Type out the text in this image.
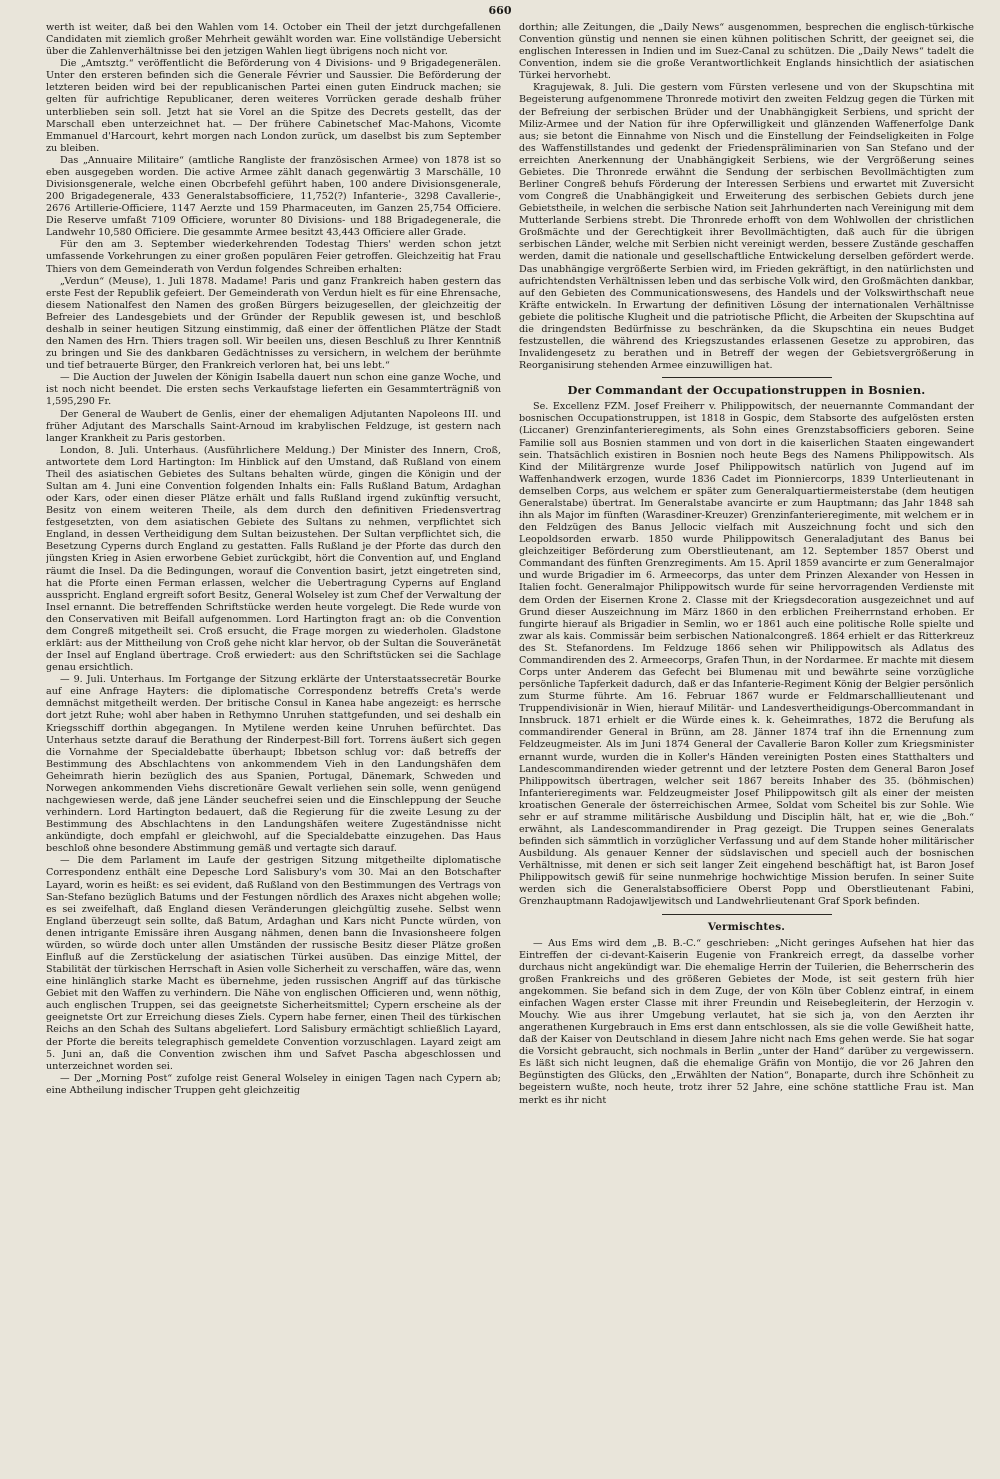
660

werth ist weiter, daß bei den Wahlen vom 14. October ein Theil der jetzt durchgefallenen Candidaten mit ziemlich großer Mehrheit gewählt worden war. Eine vollständige Uebersicht über die Zahlenverhältnisse bei den jetzigen Wahlen liegt übrigens noch nicht vor.

Die „Amtsztg.“ veröffentlicht die Beförderung von 4 Divisions- und 9 Brigadegenerälen. Unter den ersteren befinden sich die Generale Février und Saussier. Die Beförderung der letzteren beiden wird bei der republicanischen Partei einen guten Eindruck machen; sie gelten für aufrichtige Republicaner, deren weiteres Vorrücken gerade deshalb früher unterblieben sein soll. Jetzt hat sie Vorel an die Spitze des Decrets gestellt, das der Marschall eben unterzeichnet hat. — Der frühere Cabinetschef Mac-Mahons, Vicomte Emmanuel d'Harcourt, kehrt morgen nach London zurück, um daselbst bis zum September zu bleiben.

Das „Annuaire Militaire“ (amtliche Rangliste der französischen Armee) von 1878 ist so eben ausgegeben worden. Die active Armee zählt danach gegenwärtig 3 Marschälle, 10 Divisionsgenerale, welche einen Obcrbefehl geführt haben, 100 andere Divisionsgenerale, 200 Brigadegenerale, 433 Generalstabsofficiere, 11,752(?) Infanterie-, 3298 Cavallerie-, 2676 Artillerie-Officiere, 1147 Aerzte und 159 Pharmaceuten, im Ganzen 25,754 Officiere. Die Reserve umfaßt 7109 Officiere, worunter 80 Divisions- und 188 Brigadegenerale, die Landwehr 10,580 Officiere. Die gesammte Armee besitzt 43,443 Officiere aller Grade.

Für den am 3. September wiederkehrenden Todestag Thiers' werden schon jetzt umfassende Vorkehrungen zu einer großen populären Feier getroffen. Gleichzeitig hat Frau Thiers von dem Gemeinderath von Verdun folgendes Schreiben erhalten:

„Verdun“ (Meuse), 1. Juli 1878. Madame! Paris und ganz Frankreich haben gestern das erste Fest der Republik gefeiert. Der Gemeinderath von Verdun hielt es für eine Ehrensache, diesem Nationalfest den Namen des großen Bürgers beizugesellen, der gleichzeitig der Befreier des Landesgebiets und der Gründer der Republik gewesen ist, und beschloß deshalb in seiner heutigen Sitzung einstimmig, daß einer der öffentlichen Plätze der Stadt den Namen des Hrn. Thiers tragen soll. Wir beeilen uns, diesen Beschluß zu Ihrer Kenntniß zu bringen und Sie des dankbaren Gedächtnisses zu versichern, in welchem der berühmte und tief betrauerte Bürger, den Frankreich verloren hat, bei uns lebt.“

— Die Auction der Juwelen der Königin Isabella dauert nun schon eine ganze Woche, und ist noch nicht beendet. Die ersten sechs Verkaufstage lieferten ein Gesammterträgniß von 1,595,290 Fr.

Der General de Waubert de Genlis, einer der ehemaligen Adjutanten Napoleons III. und früher Adjutant des Marschalls Saint-Arnoud im krabylischen Feldzuge, ist gestern nach langer Krankheit zu Paris gestorben.

London, 8. Juli. Unterhaus. (Ausführlichere Meldung.) Der Minister des Innern, Croß, antwortete dem Lord Hartington: Im Hinblick auf den Umstand, daß Rußland von einem Theil des asiatischen Gebietes des Sultans behalten würde, gingen die Königin und der Sultan am 4. Juni eine Convention folgenden Inhalts ein: Falls Rußland Batum, Ardaghan oder Kars, oder einen dieser Plätze erhält und falls Rußland irgend zukünftig versucht, Besitz von einem weiteren Theile, als dem durch den definitiven Friedensvertrag festgesetzten, von dem asiatischen Gebiete des Sultans zu nehmen, verpflichtet sich England, in dessen Vertheidigung dem Sultan beizustehen. Der Sultan verpflichtet sich, die Besetzung Cyperns durch England zu gestatten. Falls Rußland je der Pforte das durch den jüngsten Krieg in Asien erworbene Gebiet zurückgibt, hört die Convention auf, und England räumt die Insel. Da die Bedingungen, worauf die Convention basirt, jetzt eingetreten sind, hat die Pforte einen Ferman erlassen, welcher die Uebertragung Cyperns auf England ausspricht. England ergreift sofort Besitz, General Wolseley ist zum Chef der Verwaltung der Insel ernannt. Die betreffenden Schriftstücke werden heute vorgelegt. Die Rede wurde von den Conservativen mit Beifall aufgenommen. Lord Hartington fragt an: ob die Convention dem Congreß mitgetheilt sei. Croß ersucht, die Frage morgen zu wiederholen. Gladstone erklärt: aus der Mittheilung von Croß gehe nicht klar hervor, ob der Sultan die Souveränetät der Insel auf England übertrage. Croß erwiedert: aus den Schriftstücken sei die Sachlage genau ersichtlich.

— 9. Juli. Unterhaus. Im Fortgange der Sitzung erklärte der Unterstaatssecretär Bourke auf eine Anfrage Hayters: die diplomatische Correspondenz betreffs Creta's werde demnächst mitgetheilt werden. Der britische Consul in Kanea habe angezeigt: es herrsche dort jetzt Ruhe; wohl aber haben in Rethymno Unruhen stattgefunden, und sei deshalb ein Kriegsschiff dorthin abgegangen. In Mytilene werden keine Unruhen befürchtet. Das Unterhaus setzte darauf die Berathung der Rinderpest-Bill fort. Torrens äußert sich gegen die Vornahme der Specialdebatte überhaupt; Ibbetson schlug vor: daß betreffs der Bestimmung des Abschlachtens von ankommendem Vieh in den Landungshäfen dem Geheimrath hierin bezüglich des aus Spanien, Portugal, Dänemark, Schweden und Norwegen ankommenden Viehs discretionäre Gewalt verliehen sein solle, wenn genügend nachgewiesen werde, daß jene Länder seuchefrei seien und die Einschleppung der Seuche verhindern. Lord Hartington bedauert, daß die Regierung für die zweite Lesung zu der Bestimmung des Abschlachtens in den Landungshäfen weitere Zugeständnisse nicht ankündigte, doch empfahl er gleichwohl, auf die Specialdebatte einzugehen. Das Haus beschloß ohne besondere Abstimmung gemäß und vertagte sich darauf.

— Die dem Parlament im Laufe der gestrigen Sitzung mitgetheilte diplomatische Correspondenz enthält eine Depesche Lord Salisbury's vom 30. Mai an den Botschafter Layard, worin es heißt: es sei evident, daß Rußland von den Bestimmungen des Vertrags von San-Stefano bezüglich Batums und der Festungen nördlich des Araxes nicht abgehen wolle; es sei zweifelhaft, daß England diesen Veränderungen gleichgültig zusehe. Selbst wenn England überzeugt sein sollte, daß Batum, Ardaghan und Kars nicht Puncte würden, von denen intrigante Emissäre ihren Ausgang nähmen, denen bann die Invasionsheere folgen würden, so würde doch unter allen Umständen der russische Besitz dieser Plätze großen Einfluß auf die Zerstückelung der asiatischen Türkei ausüben. Das einzige Mittel, der Stabilität der türkischen Herrschaft in Asien volle Sicherheit zu verschaffen, wäre das, wenn eine hinlänglich starke Macht es übernehme, jeden russischen Angriff auf das türkische Gebiet mit den Waffen zu verhindern. Die Nähe von englischen Officieren und, wenn nöthig, auch englischen Truppen, sei das geeignetste Sicherheitsmittel; Cypern erscheine als der geeignetste Ort zur Erreichung dieses Ziels. Cypern habe ferner, einen Theil des türkischen Reichs an den Schah des Sultans abgeliefert. Lord Salisbury ermächtigt schließlich Layard, der Pforte die bereits telegraphisch gemeldete Convention vorzuschlagen. Layard zeigt am 5. Juni an, daß die Convention zwischen ihm und Safvet Pascha abgeschlossen und unterzeichnet worden sei.

— Der „Morning Post“ zufolge reist General Wolseley in einigen Tagen nach Cypern ab; eine Abtheilung indischer Truppen geht gleichzeitig

dorthin; alle Zeitungen, die „Daily News“ ausgenommen, besprechen die englisch-türkische Convention günstig und nennen sie einen kühnen politischen Schritt, der geeignet sei, die englischen Interessen in Indien und im Suez-Canal zu schützen. Die „Daily News“ tadelt die Convention, indem sie die große Verantwortlichkeit Englands hinsichtlich der asiatischen Türkei hervorhebt.

Kragujewak, 8. Juli. Die gestern vom Fürsten verlesene und von der Skupschtina mit Begeisterung aufgenommene Thronrede motivirt den zweiten Feldzug gegen die Türken mit der Befreiung der serbischen Brüder und der Unabhängigkeit Serbiens, und spricht der Miliz-Armee und der Nation für ihre Opferwilligkeit und glänzenden Waffenerfolge Dank aus; sie betont die Einnahme von Nisch und die Einstellung der Feindseligkeiten in Folge des Waffenstillstandes und gedenkt der Friedenspräliminarien von San Stefano und der erreichten Anerkennung der Unabhängigkeit Serbiens, wie der Vergrößerung seines Gebietes. Die Thronrede erwähnt die Sendung der serbischen Bevollmächtigten zum Berliner Congreß behufs Förderung der Interessen Serbiens und erwartet mit Zuversicht vom Congreß die Unabhängigkeit und Erweiterung des serbischen Gebiets durch jene Gebietstheile, in welchen die serbische Nation seit Jahrhunderten nach Vereinigung mit dem Mutterlande Serbiens strebt. Die Thronrede erhofft von dem Wohlwollen der christlichen Großmächte und der Gerechtigkeit ihrer Bevollmächtigten, daß auch für die übrigen serbischen Länder, welche mit Serbien nicht vereinigt werden, bessere Zustände geschaffen werden, damit die nationale und gesellschaftliche Entwickelung derselben gefördert werde. Das unabhängige vergrößerte Serbien wird, im Frieden gekräftigt, in den natürlichsten und aufrichtendsten Verhältnissen leben und das serbische Volk wird, den Großmächten dankbar, auf den Gebieten des Communicationswesens, des Handels und der Volkswirthschaft neue Kräfte entwickeln. In Erwartung der definitiven Lösung der internationalen Verhältnisse gebiete die politische Klugheit und die patriotische Pflicht, die Arbeiten der Skupschtina auf die dringendsten Bedürfnisse zu beschränken, da die Skupschtina ein neues Budget festzustellen, die während des Kriegszustandes erlassenen Gesetze zu approbiren, das Invalidengesetz zu berathen und in Betreff der wegen der Gebietsvergrößerung in Reorganisirung stehenden Armee einzuwilligen hat.

Der Commandant der Occupationstruppen in Bosnien.

Se. Excellenz FZM. Josef Freiherr v. Philippowitsch, der neuernannte Commandant der bosnischen Occupationstruppen, ist 1818 in Gospic, dem Stabsorte des aufgelösten ersten (Liccaner) Grenzinfanterieregiments, als Sohn eines Grenzstabsofficiers geboren. Seine Familie soll aus Bosnien stammen und von dort in die kaiserlichen Staaten eingewandert sein. Thatsächlich existiren in Bosnien noch heute Begs des Namens Philippowitsch. Als Kind der Militärgrenze wurde Josef Philippowitsch natürlich von Jugend auf im Waffenhandwerk erzogen, wurde 1836 Cadet im Pionniercorps, 1839 Unterlieutenant in demselben Corps, aus welchem er später zum Generalquartiermeisterstabe (dem heutigen Generalstabe) übertrat. Im Generalstabe avancirte er zum Hauptmann; das Jahr 1848 sah ihn als Major im fünften (Warasdiner-Kreuzer) Grenzinfanterieregimente, mit welchem er in den Feldzügen des Banus Jellocic vielfach mit Auszeichnung focht und sich den Leopoldsorden erwarb. 1850 wurde Philippowitsch Generaladjutant des Banus bei gleichzeitiger Beförderung zum Oberstlieutenant, am 12. September 1857 Oberst und Commandant des fünften Grenzregiments. Am 15. April 1859 avancirte er zum Generalmajor und wurde Brigadier im 6. Armeecorps, das unter dem Prinzen Alexander von Hessen in Italien focht. Generalmajor Philippowitsch wurde für seine hervorragenden Verdienste mit dem Orden der Eisernen Krone 2. Classe mit der Kriegsdecoration ausgezeichnet und auf Grund dieser Auszeichnung im März 1860 in den erblichen Freiherrnstand erhoben. Er fungirte hierauf als Brigadier in Semlin, wo er 1861 auch eine politische Rolle spielte und zwar als kais. Commissär beim serbischen Nationalcongreß. 1864 erhielt er das Ritterkreuz des St. Stefanordens. Im Feldzuge 1866 sehen wir Philippowitsch als Adlatus des Commandirenden des 2. Armeecorps, Grafen Thun, in der Nordarmee. Er machte mit diesem Corps unter Anderem das Gefecht bei Blumenau mit und bewährte seine vorzügliche persönliche Tapferkeit dadurch, daß er das Infanterie-Regiment König der Belgier persönlich zum Sturme führte. Am 16. Februar 1867 wurde er Feldmarschalllieutenant und Truppendivisionär in Wien, hierauf Militär- und Landesvertheidigungs-Obercommandant in Innsbruck. 1871 erhielt er die Würde eines k. k. Geheimrathes, 1872 die Berufung als commandirender General in Brünn, am 28. Jänner 1874 traf ihn die Ernennung zum Feldzeugmeister. Als im Juni 1874 General der Cavallerie Baron Koller zum Kriegsminister ernannt wurde, wurden die in Koller's Händen vereinigten Posten eines Statthalters und Landescommandirenden wieder getrennt und der letztere Posten dem General Baron Josef Philippowitsch übertragen, welcher seit 1867 bereits Inhaber des 35. (böhmischen) Infanterieregiments war. Feldzeugmeister Josef Philippowitsch gilt als einer der meisten kroatischen Generale der österreichischen Armee, Soldat vom Scheitel bis zur Sohle. Wie sehr er auf stramme militärische Ausbildung und Disciplin hält, hat er, wie die „Boh.“ erwähnt, als Landescommandirender in Prag gezeigt. Die Truppen seines Generalats befinden sich sämmtlich in vorzüglicher Verfassung und auf dem Stande hoher militärischer Ausbildung. Als genauer Kenner der südslavischen und speciell auch der bosnischen Verhältnisse, mit denen er sich seit langer Zeit eingehend beschäftigt hat, ist Baron Josef Philippowitsch gewiß für seine nunmehrige hochwichtige Mission berufen. In seiner Suite werden sich die Generalstabsofficiere Oberst Popp und Oberstlieutenant Fabini, Grenzhauptmann Radojawljewitsch und Landwehrlieutenant Graf Spork befinden.

Vermischtes.

— Aus Ems wird dem „B. B.-C.“ geschrieben: „Nicht geringes Aufsehen hat hier das Eintreffen der ci-devant-Kaiserin Eugenie von Frankreich erregt, da dasselbe vorher durchaus nicht angekündigt war. Die ehemalige Herrin der Tuilerien, die Beherrscherin des großen Frankreichs und des größeren Gebietes der Mode, ist seit gestern früh hier angekommen. Sie befand sich in dem Zuge, der von Köln über Coblenz eintraf, in einem einfachen Wagen erster Classe mit ihrer Freundin und Reisebegleiterin, der Herzogin v. Mouchy. Wie aus ihrer Umgebung verlautet, hat sie sich ja, von den Aerzten ihr angerathenen Kurgebrauch in Ems erst dann entschlossen, als sie die volle Gewißheit hatte, daß der Kaiser von Deutschland in diesem Jahre nicht nach Ems gehen werde. Sie hat sogar die Vorsicht gebraucht, sich nochmals in Berlin „unter der Hand“ darüber zu vergewissern. Es läßt sich nicht leugnen, daß die ehemalige Gräfin von Montijo, die vor 26 Jahren den Begünstigten des Glücks, den „Erwählten der Nation“, Bonaparte, durch ihre Schönheit zu begeistern wußte, noch heute, trotz ihrer 52 Jahre, eine schöne stattliche Frau ist. Man merkt es ihr nicht
